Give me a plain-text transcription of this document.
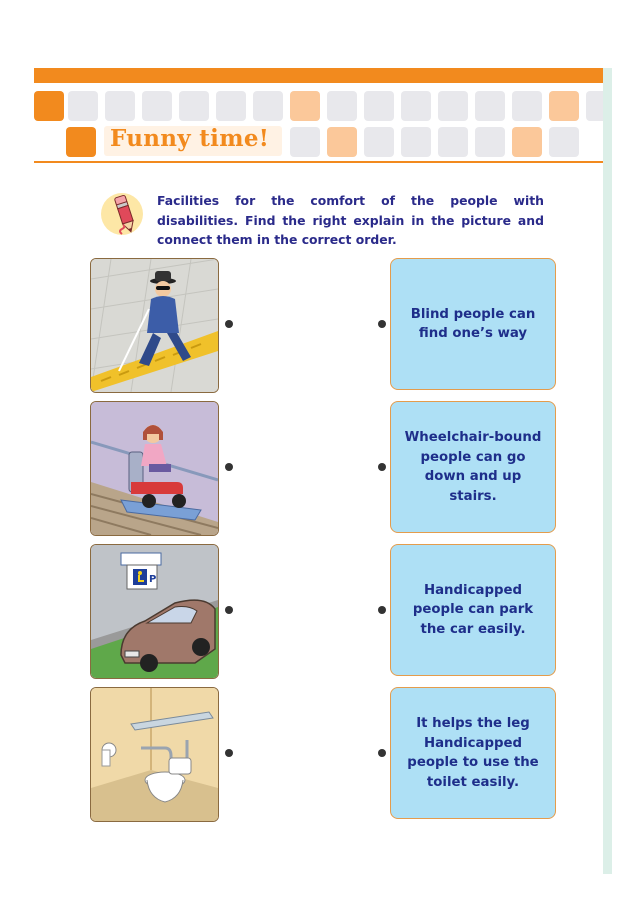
Funny time!
Facilities for the comfort of the people with disabilities. Find the right explain in the picture and connect them in the correct order.
Blind people can find one’s way
Wheelchair-bound people can go down and up stairs.
P
Handicapped people can park the car easily.
It helps the leg Handicapped people to use the toilet easily.
